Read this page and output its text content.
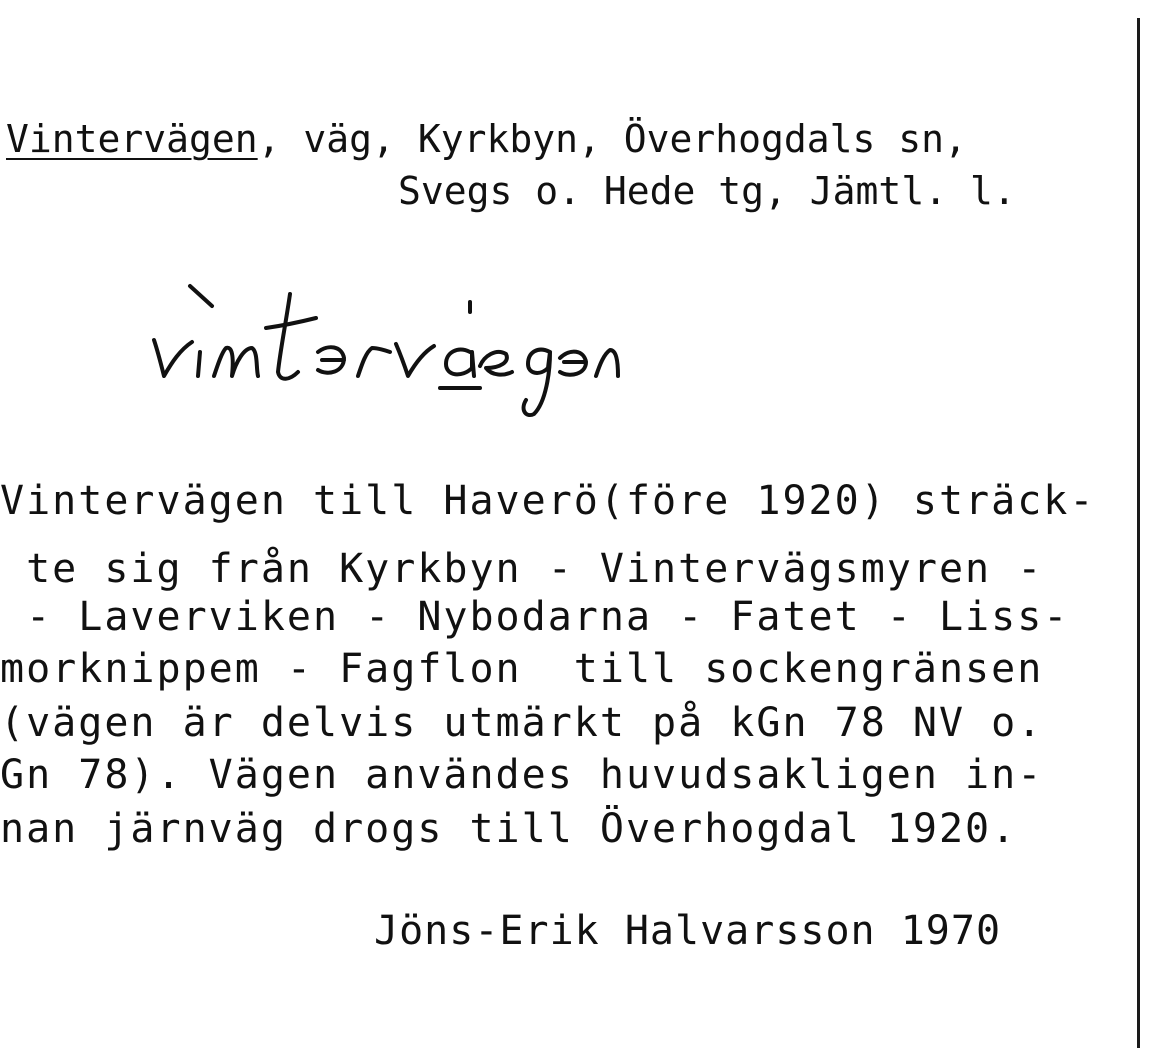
Vintervägen, väg, Kyrkbyn, Överhogdals sn,
Svegs o. Hede tg, Jämtl. l.
Vintervägen till Haverö(före 1920) sträck-
te sig från Kyrkbyn - Vintervägsmyren -
- Laverviken - Nybodarna - Fatet - Liss-
morknippem - Fagflon  till sockengränsen
(vägen är delvis utmärkt på kGn 78 NV o.
Gn 78). Vägen användes huvudsakligen in-
nan järnväg drogs till Överhogdal 1920.
Jöns-Erik Halvarsson 1970
